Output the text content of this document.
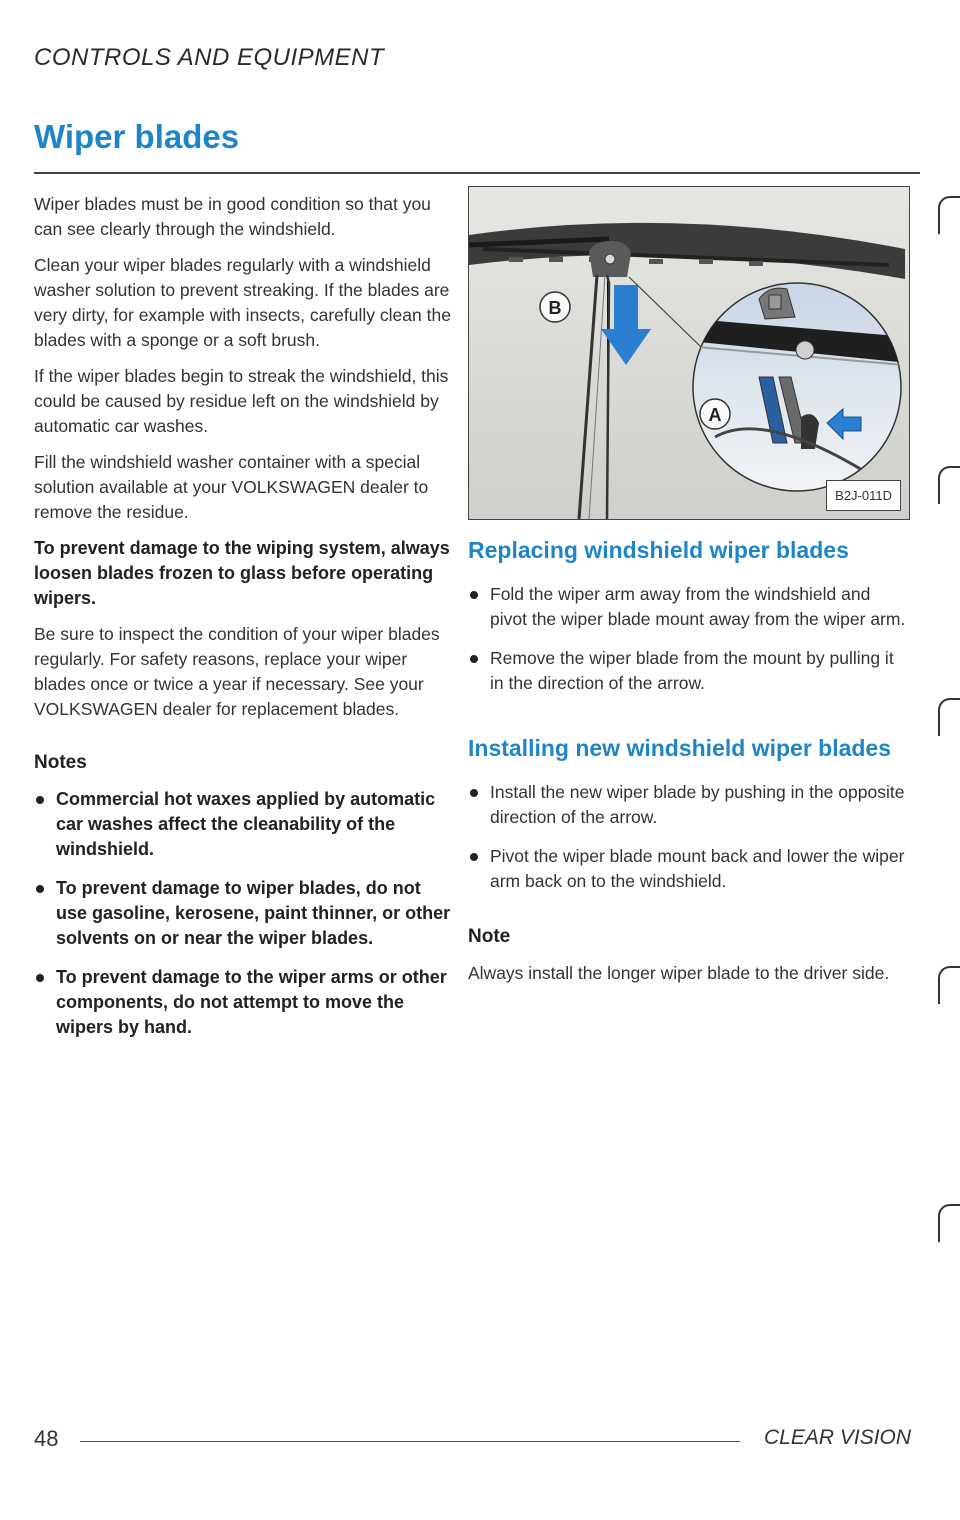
CONTROLS AND EQUIPMENT
Wiper blades

Wiper blades must be in good condition so that you can see clearly through the windshield.

Clean your wiper blades regularly with a windshield washer solution to prevent streaking. If the blades are very dirty, for example with insects, carefully clean the blades with a sponge or a soft brush.

If the wiper blades begin to streak the windshield, this could be caused by residue left on the windshield by automatic car washes.

Fill the windshield washer container with a special solution available at your VOLKSWAGEN dealer to remove the residue.

To prevent damage to the wiping system, always loosen blades frozen to glass before operating wipers.

Be sure to inspect the condition of your wiper blades regularly. For safety reasons, replace your wiper blades once or twice a year if necessary. See your VOLKSWAGEN dealer for replacement blades.

Notes
Commercial hot waxes applied by automatic car washes affect the cleanability of the windshield.
To prevent damage to wiper blades, do not use gasoline, kerosene, paint thinner, or other solvents on or near the wiper blades.
To prevent damage to the wiper arms or other components, do not attempt to move the wipers by hand.
B
A
B2J-011D
Replacing windshield wiper blades
Fold the wiper arm away from the windshield and pivot the wiper blade mount away from the wiper arm.
Remove the wiper blade from the mount by pulling it in the direction of the arrow.
Installing new windshield wiper blades
Install the new wiper blade by pushing in the opposite direction of the arrow.
Pivot the wiper blade mount back and lower the wiper arm back on to the windshield.
Note

Always install the longer wiper blade to the driver side.

48	CLEAR VISION
